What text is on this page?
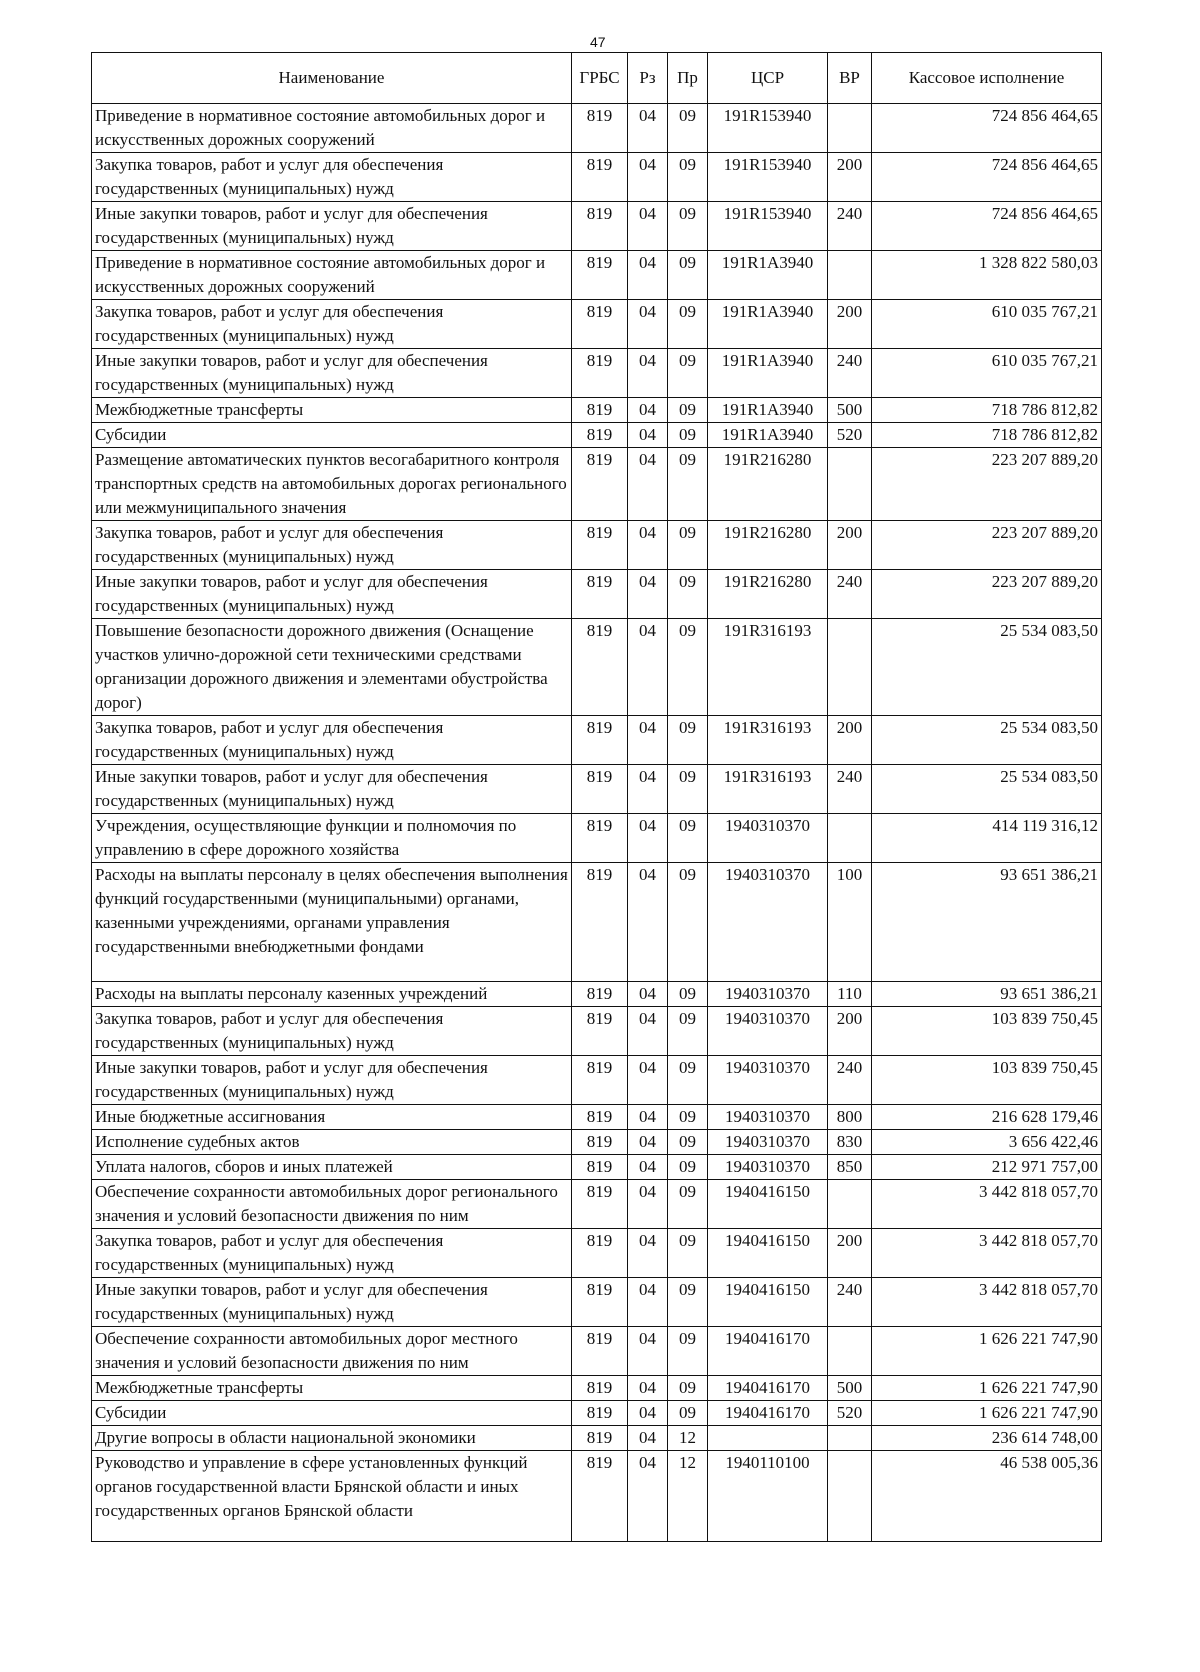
47
Наименование	ГРБС	Рз	Пр	ЦСР	ВР	Кассовое исполнение
Приведение в нормативное состояние автомобильных дорог и искусственных дорожных сооружений	819	04	09	191R153940		724 856 464,65
Закупка товаров, работ и услуг для обеспечения государственных (муниципальных) нужд	819	04	09	191R153940	200	724 856 464,65
Иные закупки товаров, работ и услуг для обеспечения государственных (муниципальных) нужд	819	04	09	191R153940	240	724 856 464,65
Приведение в нормативное состояние автомобильных дорог и искусственных дорожных сооружений	819	04	09	191R1A3940		1 328 822 580,03
Закупка товаров, работ и услуг для обеспечения государственных (муниципальных) нужд	819	04	09	191R1A3940	200	610 035 767,21
Иные закупки товаров, работ и услуг для обеспечения государственных (муниципальных) нужд	819	04	09	191R1A3940	240	610 035 767,21
Межбюджетные трансферты	819	04	09	191R1A3940	500	718 786 812,82
Субсидии	819	04	09	191R1A3940	520	718 786 812,82
Размещение автоматических пунктов весогабаритного контроля транспортных средств на автомобильных дорогах регионального или межмуниципального значения	819	04	09	191R216280		223 207 889,20
Закупка товаров, работ и услуг для обеспечения государственных (муниципальных) нужд	819	04	09	191R216280	200	223 207 889,20
Иные закупки товаров, работ и услуг для обеспечения государственных (муниципальных) нужд	819	04	09	191R216280	240	223 207 889,20
Повышение безопасности дорожного движения (Оснащение участков улично-дорожной сети техническими средствами организации дорожного движения и элементами обустройства дорог)	819	04	09	191R316193		25 534 083,50
Закупка товаров, работ и услуг для обеспечения государственных (муниципальных) нужд	819	04	09	191R316193	200	25 534 083,50
Иные закупки товаров, работ и услуг для обеспечения государственных (муниципальных) нужд	819	04	09	191R316193	240	25 534 083,50
Учреждения, осуществляющие функции и полномочия по управлению в сфере дорожного хозяйства	819	04	09	1940310370		414 119 316,12
Расходы на выплаты персоналу в целях обеспечения выполнения функций государственными (муниципальными) органами, казенными учреждениями, органами управления государственными внебюджетными фондами	819	04	09	1940310370	100	93 651 386,21
Расходы на выплаты персоналу казенных учреждений	819	04	09	1940310370	110	93 651 386,21
Закупка товаров, работ и услуг для обеспечения государственных (муниципальных) нужд	819	04	09	1940310370	200	103 839 750,45
Иные закупки товаров, работ и услуг для обеспечения государственных (муниципальных) нужд	819	04	09	1940310370	240	103 839 750,45
Иные бюджетные ассигнования	819	04	09	1940310370	800	216 628 179,46
Исполнение судебных актов	819	04	09	1940310370	830	3 656 422,46
Уплата налогов, сборов и иных платежей	819	04	09	1940310370	850	212 971 757,00
Обеспечение сохранности автомобильных дорог регионального значения и условий безопасности движения по ним	819	04	09	1940416150		3 442 818 057,70
Закупка товаров, работ и услуг для обеспечения государственных (муниципальных) нужд	819	04	09	1940416150	200	3 442 818 057,70
Иные закупки товаров, работ и услуг для обеспечения государственных (муниципальных) нужд	819	04	09	1940416150	240	3 442 818 057,70
Обеспечение сохранности автомобильных дорог местного значения и условий безопасности движения по ним	819	04	09	1940416170		1 626 221 747,90
Межбюджетные трансферты	819	04	09	1940416170	500	1 626 221 747,90
Субсидии	819	04	09	1940416170	520	1 626 221 747,90
Другие вопросы в области национальной экономики	819	04	12			236 614 748,00
Руководство и управление в сфере установленных функций органов государственной власти Брянской области и иных государственных органов Брянской области	819	04	12	1940110100		46 538 005,36
